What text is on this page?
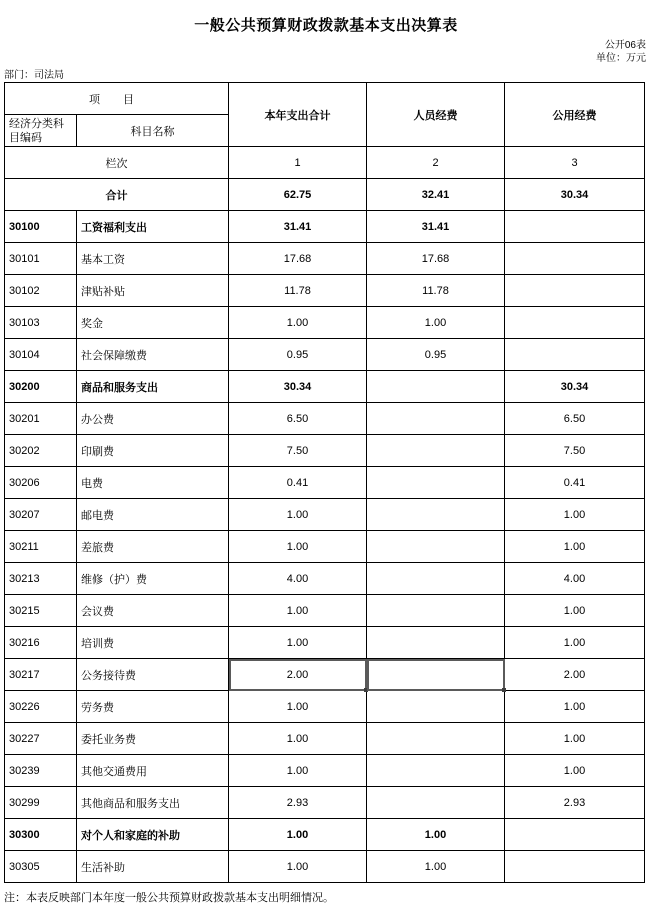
一般公共预算财政拨款基本支出决算表
公开06表
单位：万元
部门：司法局
项 目		本年支出合计	人员经费	公用经费
经济分类科目编码	科目名称			
栏次		1	2	3
合计		62.75	32.41	30.34
30100	工资福利支出	31.41	31.41	
30101	基本工资	17.68	17.68	
30102	津贴补贴	11.78	11.78	
30103	奖金	1.00	1.00	
30104	社会保障缴费	0.95	0.95	
30200	商品和服务支出	30.34		30.34
30201	办公费	6.50		6.50
30202	印刷费	7.50		7.50
30206	电费	0.41		0.41
30207	邮电费	1.00		1.00
30211	差旅费	1.00		1.00
30213	维修（护）费	4.00		4.00
30215	会议费	1.00		1.00
30216	培训费	1.00		1.00
30217	公务接待费	2.00		2.00
30226	劳务费	1.00		1.00
30227	委托业务费	1.00		1.00
30239	其他交通费用	1.00		1.00
30299	其他商品和服务支出	2.93		2.93
30300	对个人和家庭的补助	1.00	1.00	
30305	生活补助	1.00	1.00	
注：本表反映部门本年度一般公共预算财政拨款基本支出明细情况。
